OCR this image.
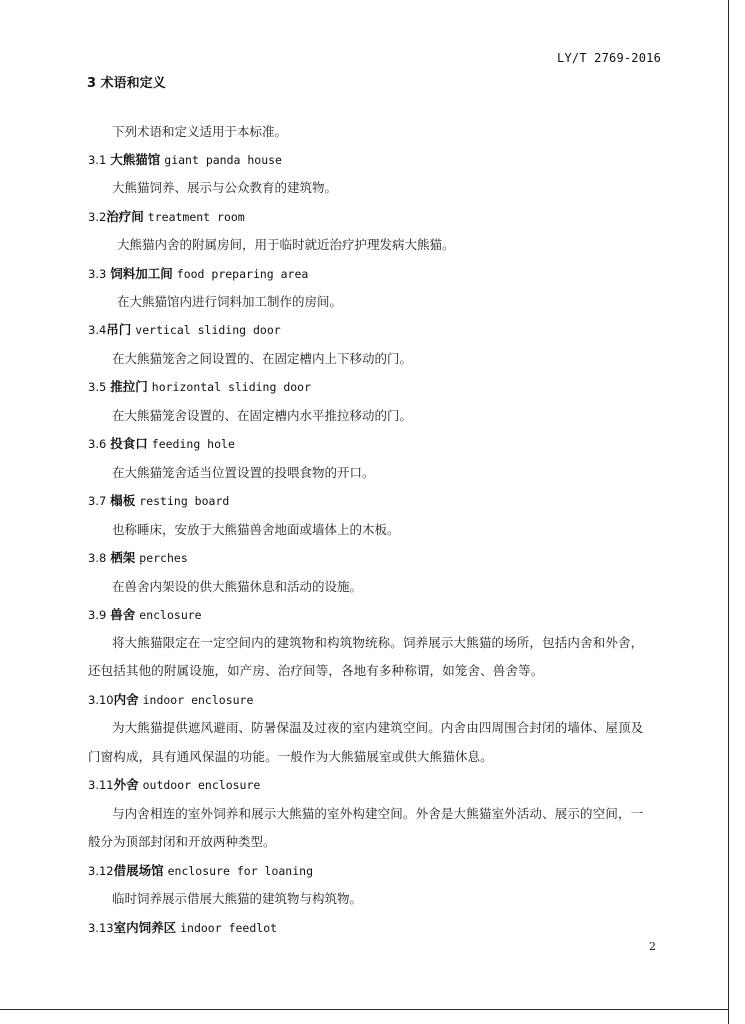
LY/T 2769-2016
3 术语和定义
下列术语和定义适用于本标准。
3.1 大熊猫馆 giant panda house
大熊猫饲养、展示与公众教育的建筑物。
3.2治疗间 treatment room
大熊猫内舍的附属房间，用于临时就近治疗护理发病大熊猫。
3.3 饲料加工间 food preparing area
在大熊猫馆内进行饲料加工制作的房间。
3.4吊门 vertical sliding door
在大熊猫笼舍之间设置的、在固定槽内上下移动的门。
3.5 推拉门 horizontal sliding door
在大熊猫笼舍设置的、在固定槽内水平推拉移动的门。
3.6 投食口 feeding hole
在大熊猫笼舍适当位置设置的投喂食物的开口。
3.7 榻板 resting board
也称睡床，安放于大熊猫兽舍地面或墙体上的木板。
3.8 栖架 perches
在兽舍内架设的供大熊猫休息和活动的设施。
3.9 兽舍 enclosure
将大熊猫限定在一定空间内的建筑物和构筑物统称。饲养展示大熊猫的场所，包括内舍和外舍，
还包括其他的附属设施，如产房、治疗间等，各地有多种称谓，如笼舍、兽舍等。
3.10内舍 indoor enclosure
为大熊猫提供遮风避雨、防暑保温及过夜的室内建筑空间。内舍由四周围合封闭的墙体、屋顶及
门窗构成，具有通风保温的功能。一般作为大熊猫展室或供大熊猫休息。
3.11外舍 outdoor enclosure
与内舍相连的室外饲养和展示大熊猫的室外构建空间。外舍是大熊猫室外活动、展示的空间，一
般分为顶部封闭和开放两种类型。
3.12借展场馆 enclosure for loaning
临时饲养展示借展大熊猫的建筑物与构筑物。
3.13室内饲养区 indoor feedlot
2
